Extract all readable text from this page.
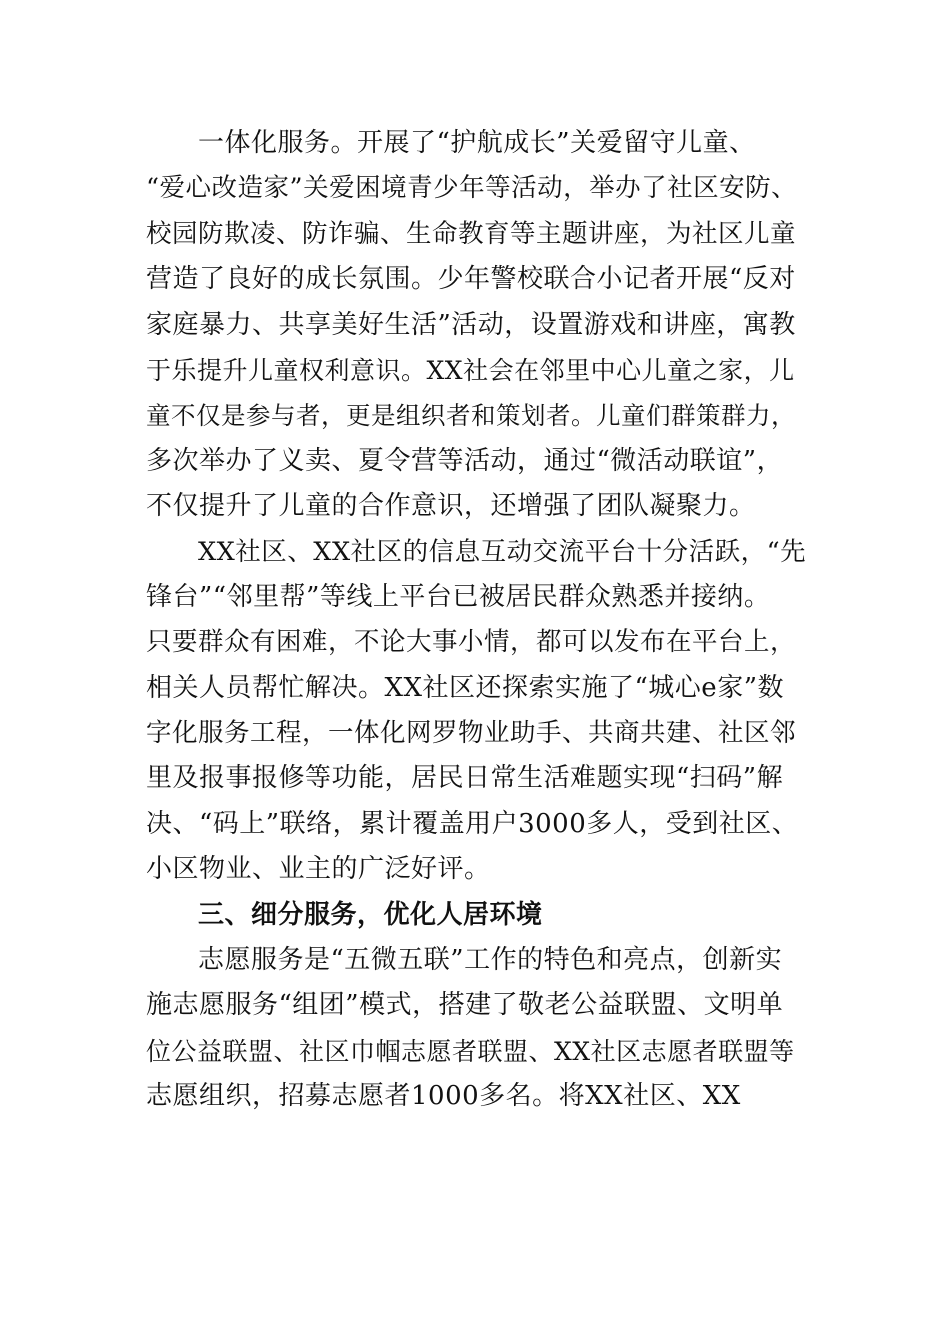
一体化服务。开展了“护航成长”关爱留守儿童、
“爱心改造家”关爱困境青少年等活动，举办了社区安防、
校园防欺凌、防诈骗、生命教育等主题讲座，为社区儿童
营造了良好的成长氛围。少年警校联合小记者开展“反对
家庭暴力、共享美好生活”活动，设置游戏和讲座，寓教
于乐提升儿童权利意识。XX社会在邻里中心儿童之家，儿
童不仅是参与者，更是组织者和策划者。儿童们群策群力，
多次举办了义卖、夏令营等活动，通过“微活动联谊”，
不仅提升了儿童的合作意识，还增强了团队凝聚力。
XX社区、XX社区的信息互动交流平台十分活跃，“先
锋台”“邻里帮”等线上平台已被居民群众熟悉并接纳。
只要群众有困难，不论大事小情，都可以发布在平台上，
相关人员帮忙解决。XX社区还探索实施了“城心e家”数
字化服务工程，一体化网罗物业助手、共商共建、社区邻
里及报事报修等功能，居民日常生活难题实现“扫码”解
决、“码上”联络，累计覆盖用户3000多人，受到社区、
小区物业、业主的广泛好评。
三、细分服务，优化人居环境
志愿服务是“五微五联”工作的特色和亮点，创新实
施志愿服务“组团”模式，搭建了敬老公益联盟、文明单
位公益联盟、社区巾帼志愿者联盟、XX社区志愿者联盟等
志愿组织，招募志愿者1000多名。将XX社区、XX
